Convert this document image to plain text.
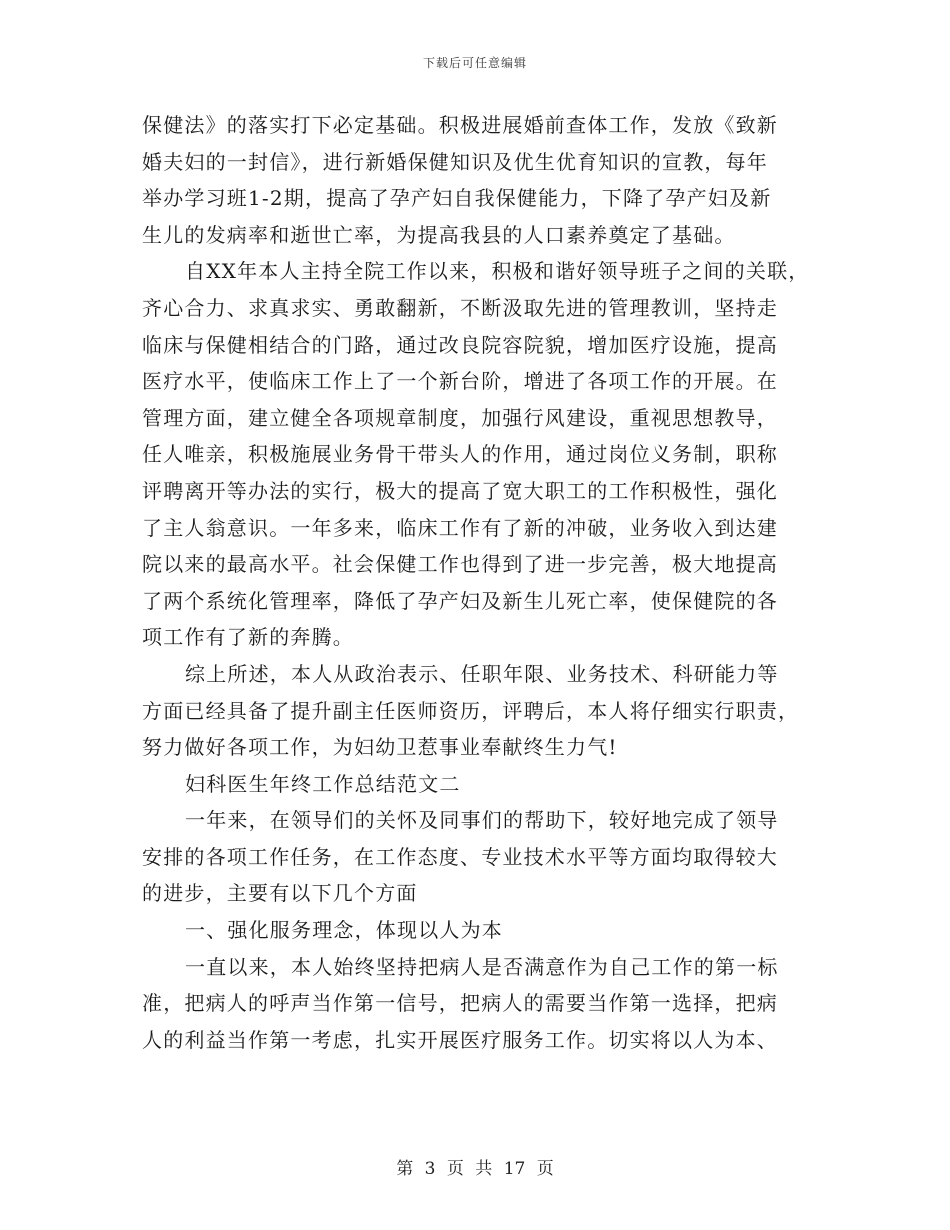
下载后可任意编辑
保健法》的落实打下必定基础。积极进展婚前查体工作，发放《致新
婚夫妇的一封信》，进行新婚保健知识及优生优育知识的宣教，每年
举办学习班1-2期，提高了孕产妇自我保健能力，下降了孕产妇及新
生儿的发病率和逝世亡率，为提高我县的人口素养奠定了基础。
自XX年本人主持全院工作以来，积极和谐好领导班子之间的关联，
齐心合力、求真求实、勇敢翻新，不断汲取先进的管理教训，坚持走
临床与保健相结合的门路，通过改良院容院貌，增加医疗设施，提高
医疗水平，使临床工作上了一个新台阶，增进了各项工作的开展。在
管理方面，建立健全各项规章制度，加强行风建设，重视思想教导，
任人唯亲，积极施展业务骨干带头人的作用，通过岗位义务制，职称
评聘离开等办法的实行，极大的提高了宽大职工的工作积极性，强化
了主人翁意识。一年多来，临床工作有了新的冲破，业务收入到达建
院以来的最高水平。社会保健工作也得到了进一步完善，极大地提高
了两个系统化管理率，降低了孕产妇及新生儿死亡率，使保健院的各
项工作有了新的奔腾。
综上所述，本人从政治表示、任职年限、业务技术、科研能力等
方面已经具备了提升副主任医师资历，评聘后，本人将仔细实行职责，
努力做好各项工作，为妇幼卫惹事业奉献终生力气!
妇科医生年终工作总结范文二
一年来，在领导们的关怀及同事们的帮助下，较好地完成了领导
安排的各项工作任务，在工作态度、专业技术水平等方面均取得较大
的进步，主要有以下几个方面
一、强化服务理念，体现以人为本
一直以来，本人始终坚持把病人是否满意作为自己工作的第一标
准，把病人的呼声当作第一信号，把病人的需要当作第一选择，把病
人的利益当作第一考虑，扎实开展医疗服务工作。切实将以人为本、
第 3 页 共 17 页
